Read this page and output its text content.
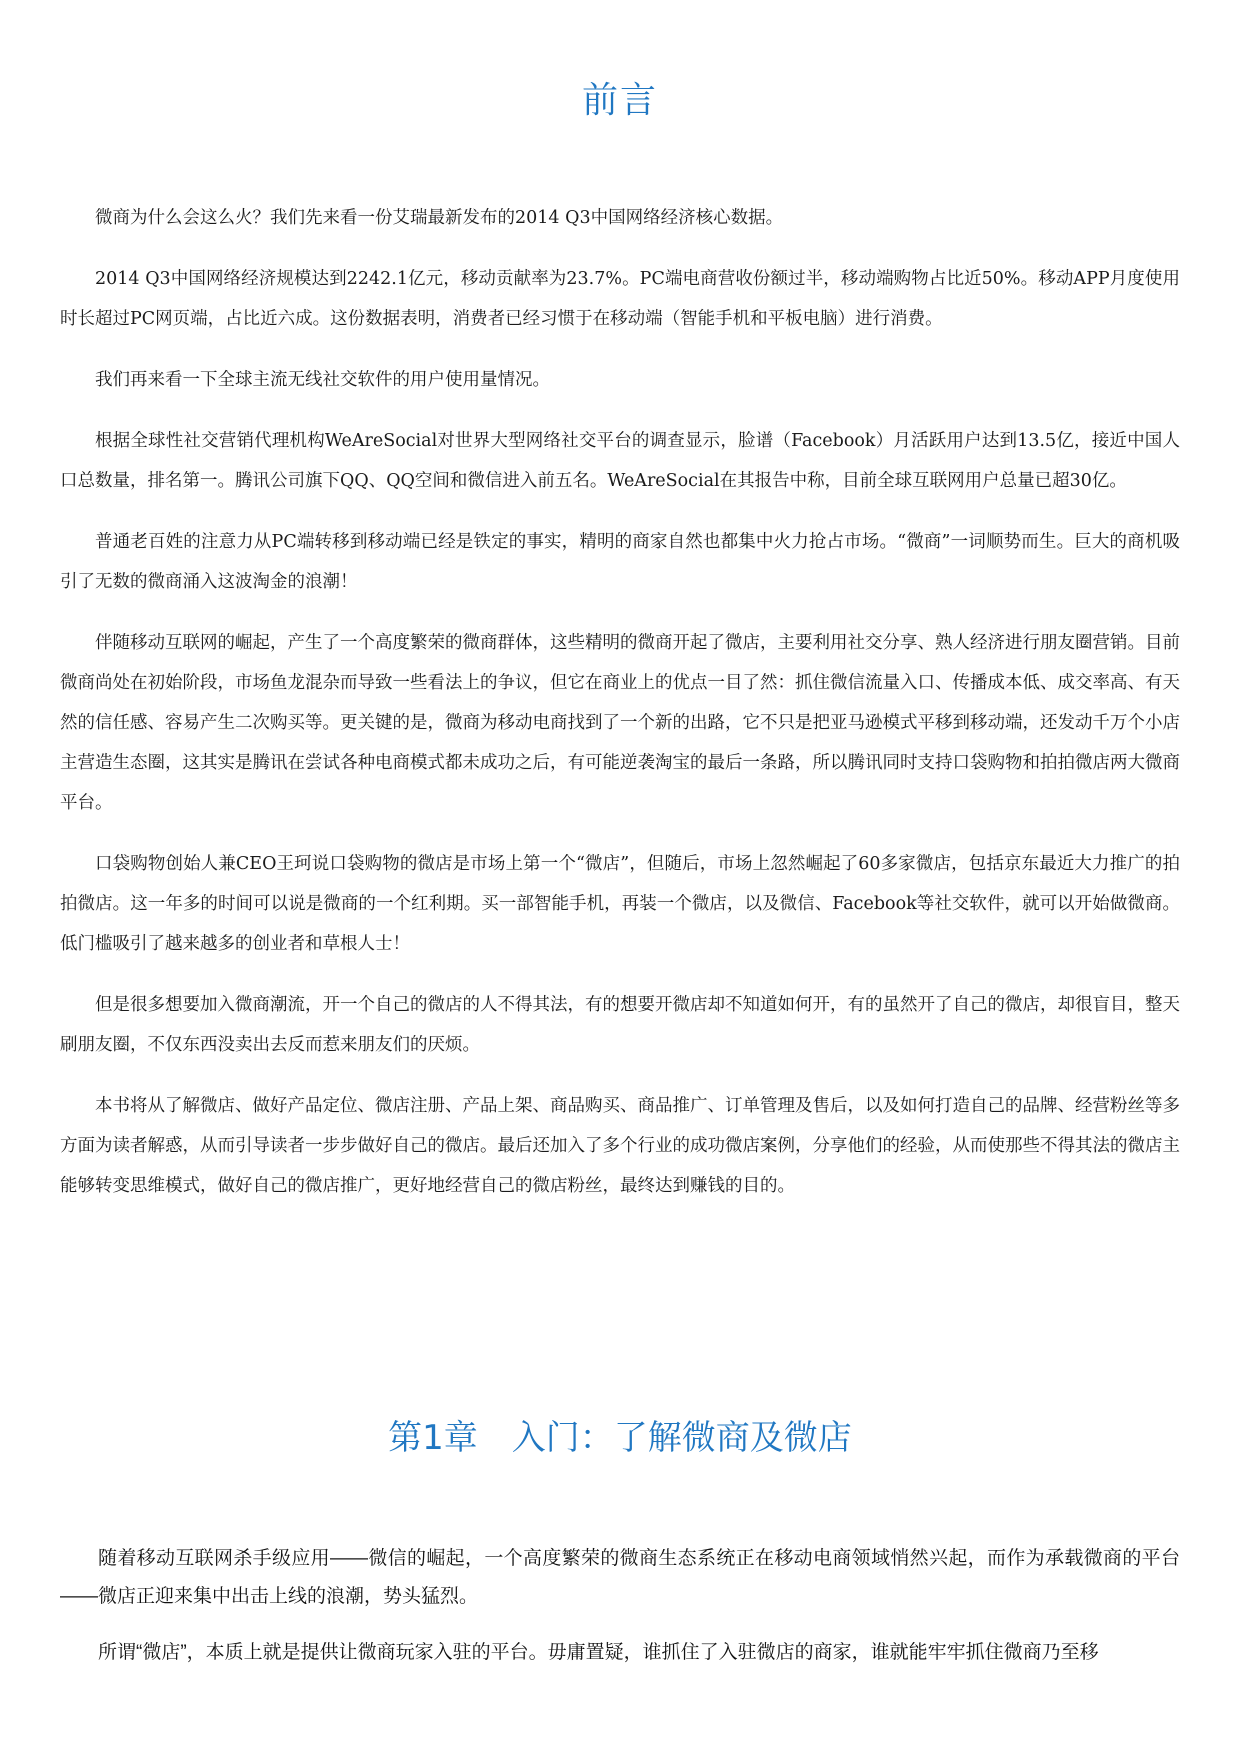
前言

微商为什么会这么火？我们先来看一份艾瑞最新发布的2014 Q3中国网络经济核心数据。

2014 Q3中国网络经济规模达到2242.1亿元，移动贡献率为23.7%。PC端电商营收份额过半，移动端购物占比近50%。移动APP月度使用时长超过PC网页端，占比近六成。这份数据表明，消费者已经习惯于在移动端（智能手机和平板电脑）进行消费。

我们再来看一下全球主流无线社交软件的用户使用量情况。

根据全球性社交营销代理机构WeAreSocial对世界大型网络社交平台的调查显示，脸谱（Facebook）月活跃用户达到13.5亿，接近中国人口总数量，排名第一。腾讯公司旗下QQ、QQ空间和微信进入前五名。WeAreSocial在其报告中称，目前全球互联网用户总量已超30亿。

普通老百姓的注意力从PC端转移到移动端已经是铁定的事实，精明的商家自然也都集中火力抢占市场。“微商”一词顺势而生。巨大的商机吸引了无数的微商涌入这波淘金的浪潮！

伴随移动互联网的崛起，产生了一个高度繁荣的微商群体，这些精明的微商开起了微店，主要利用社交分享、熟人经济进行朋友圈营销。目前微商尚处在初始阶段，市场鱼龙混杂而导致一些看法上的争议，但它在商业上的优点一目了然：抓住微信流量入口、传播成本低、成交率高、有天然的信任感、容易产生二次购买等。更关键的是，微商为移动电商找到了一个新的出路，它不只是把亚马逊模式平移到移动端，还发动千万个小店主营造生态圈，这其实是腾讯在尝试各种电商模式都未成功之后，有可能逆袭淘宝的最后一条路，所以腾讯同时支持口袋购物和拍拍微店两大微商平台。

口袋购物创始人兼CEO王珂说口袋购物的微店是市场上第一个“微店”，但随后，市场上忽然崛起了60多家微店，包括京东最近大力推广的拍拍微店。这一年多的时间可以说是微商的一个红利期。买一部智能手机，再装一个微店，以及微信、Facebook等社交软件，就可以开始做微商。低门槛吸引了越来越多的创业者和草根人士！

但是很多想要加入微商潮流，开一个自己的微店的人不得其法，有的想要开微店却不知道如何开，有的虽然开了自己的微店，却很盲目，整天刷朋友圈，不仅东西没卖出去反而惹来朋友们的厌烦。

本书将从了解微店、做好产品定位、微店注册、产品上架、商品购买、商品推广、订单管理及售后，以及如何打造自己的品牌、经营粉丝等多方面为读者解惑，从而引导读者一步步做好自己的微店。最后还加入了多个行业的成功微店案例，分享他们的经验，从而使那些不得其法的微店主能够转变思维模式，做好自己的微店推广，更好地经营自己的微店粉丝，最终达到赚钱的目的。

第1章　入门：了解微商及微店

随着移动互联网杀手级应用——微信的崛起，一个高度繁荣的微商生态系统正在移动电商领域悄然兴起，而作为承载微商的平台——微店正迎来集中出击上线的浪潮，势头猛烈。

所谓“微店”，本质上就是提供让微商玩家入驻的平台。毋庸置疑，谁抓住了入驻微店的商家，谁就能牢牢抓住微商乃至移
